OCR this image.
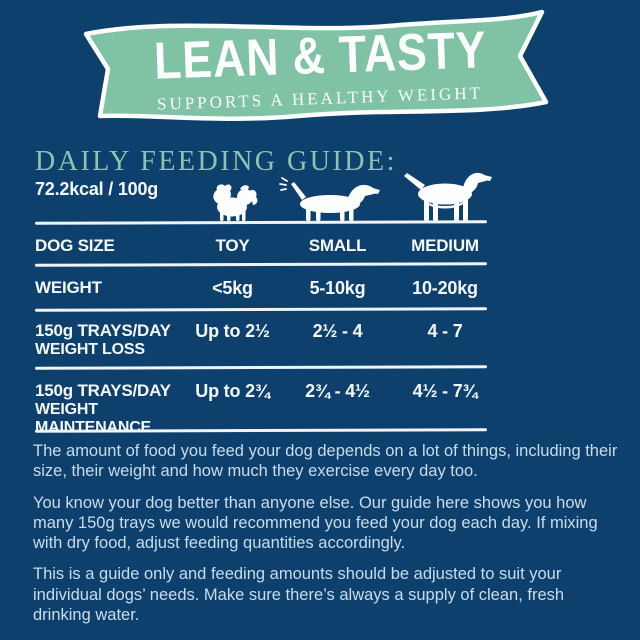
LEAN & TASTY
SUPPORTS A HEALTHY WEIGHT
DAILY FEEDING GUIDE:
72.2kcal / 100g
DOG SIZE	TOY	SMALL	MEDIUM
WEIGHT	<5kg	5-10kg	10-20kg
150g TRAYS/DAY
WEIGHT LOSS
Up to 2½	2½ - 4	4 - 7
150g TRAYS/DAY
WEIGHT MAINTENANCE
Up to 2¾	2¾ - 4½	4½ - 7¾

The amount of food you feed your dog depends on a lot of things, including their size, their weight and how much they exercise every day too.

You know your dog better than anyone else. Our guide here shows you how many 150g trays we would recommend you feed your dog each day. If mixing with dry food, adjust feeding quantities accordingly.

This is a guide only and feeding amounts should be adjusted to suit your individual dogs’ needs. Make sure there’s always a supply of clean, fresh drinking water.
